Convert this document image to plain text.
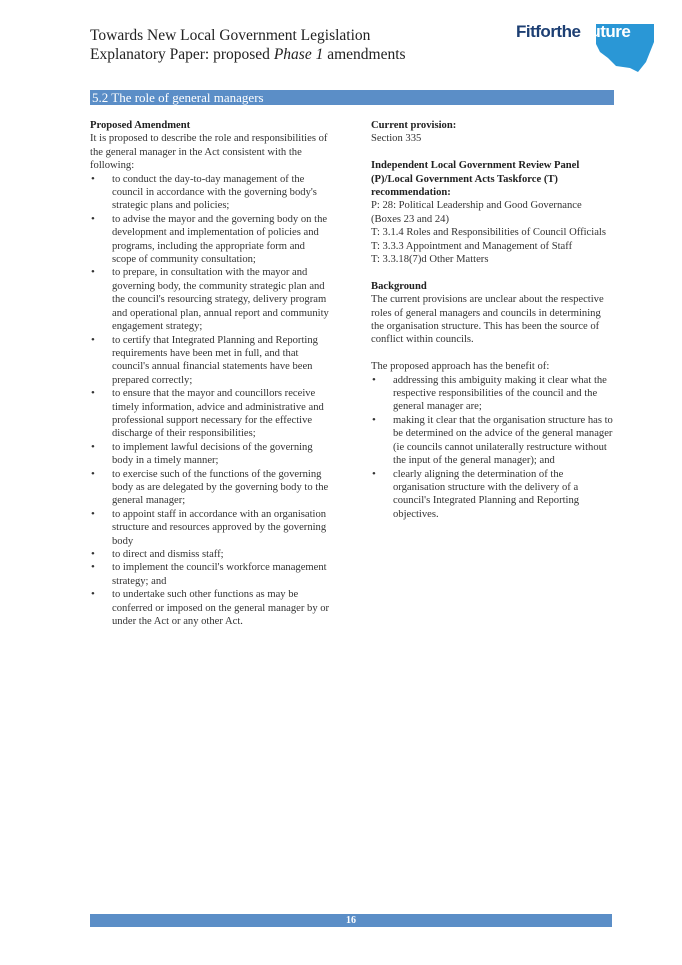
Towards New Local Government Legislation
Explanatory Paper: proposed Phase 1 amendments
FitfortheFuture
5.2 The role of general managers
Proposed Amendment
It is proposed to describe the role and responsibilities of the general manager in the Act consistent with the following:
• to conduct the day-to-day management of the council in accordance with the governing body's strategic plans and policies;
• to advise the mayor and the governing body on the development and implementation of policies and programs, including the appropriate form and scope of community consultation;
• to prepare, in consultation with the mayor and governing body, the community strategic plan and the council's resourcing strategy, delivery program and operational plan, annual report and community engagement strategy;
• to certify that Integrated Planning and Reporting requirements have been met in full, and that council's annual financial statements have been prepared correctly;
• to ensure that the mayor and councillors receive timely information, advice and administrative and professional support necessary for the effective discharge of their responsibilities;
• to implement lawful decisions of the governing body in a timely manner;
• to exercise such of the functions of the governing body as are delegated by the governing body to the general manager;
• to appoint staff in accordance with an organisation structure and resources approved by the governing body
• to direct and dismiss staff;
• to implement the council's workforce management strategy; and
• to undertake such other functions as may be conferred or imposed on the general manager by or under the Act or any other Act.
Current provision:
Section 335
Independent Local Government Review Panel (P)/Local Government Acts Taskforce (T) recommendation:
P: 28: Political Leadership and Good Governance (Boxes 23 and 24)
T: 3.1.4 Roles and Responsibilities of Council Officials
T: 3.3.3 Appointment and Management of Staff
T: 3.3.18(7)d Other Matters
Background
The current provisions are unclear about the respective roles of general managers and councils in determining the organisation structure. This has been the source of conflict within councils.
The proposed approach has the benefit of:
• addressing this ambiguity making it clear what the respective responsibilities of the council and the general manager are;
• making it clear that the organisation structure has to be determined on the advice of the general manager (ie councils cannot unilaterally restructure without the input of the general manager); and
• clearly aligning the determination of the organisation structure with the delivery of a council's Integrated Planning and Reporting objectives.
16
